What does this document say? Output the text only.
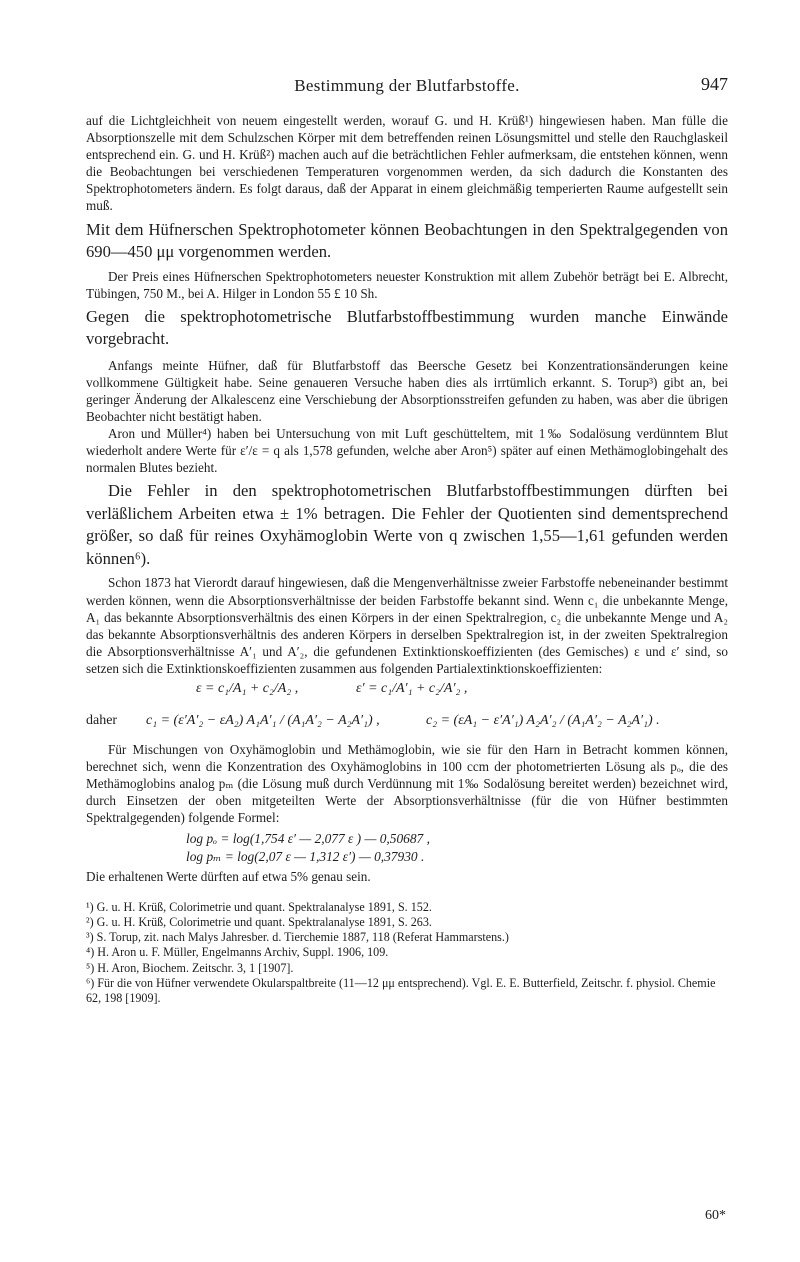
Bestimmung der Blutfarbstoffe.	947

auf die Lichtgleichheit von neuem eingestellt werden, worauf G. und H. Krüß¹) hingewiesen haben. Man fülle die Absorptionszelle mit dem Schulzschen Körper mit dem betreffenden reinen Lösungsmittel und stelle den Rauchglaskeil entsprechend ein. G. und H. Krüß²) machen auch auf die beträchtlichen Fehler aufmerksam, die entstehen können, wenn die Beobachtungen bei verschiedenen Temperaturen vorgenommen werden, da sich dadurch die Konstanten des Spektrophotometers ändern. Es folgt daraus, daß der Apparat in einem gleichmäßig temperierten Raume aufgestellt sein muß.

Mit dem Hüfnerschen Spektrophotometer können Beobachtungen in den Spektralgegenden von 690—450 μμ vorgenommen werden.

Der Preis eines Hüfnerschen Spektrophotometers neuester Konstruktion mit allem Zubehör beträgt bei E. Albrecht, Tübingen, 750 M., bei A. Hilger in London 55 £ 10 Sh.

Gegen die spektrophotometrische Blutfarbstoffbestimmung wurden manche Einwände vorgebracht.

Anfangs meinte Hüfner, daß für Blutfarbstoff das Beersche Gesetz bei Konzentrationsänderungen keine vollkommene Gültigkeit habe. Seine genaueren Versuche haben dies als irrtümlich erkannt. S. Torup³) gibt an, bei geringer Änderung der Alkalescenz eine Verschiebung der Absorptionsstreifen gefunden zu haben, was aber die übrigen Beobachter nicht bestätigt haben.

Aron und Müller⁴) haben bei Untersuchung von mit Luft geschütteltem, mit 1‰ Sodalösung verdünntem Blut wiederholt andere Werte für ε′/ε = q als 1,578 gefunden, welche aber Aron⁵) später auf einen Methämoglobingehalt des normalen Blutes bezieht.

Die Fehler in den spektrophotometrischen Blutfarbstoffbestimmungen dürften bei verläßlichem Arbeiten etwa ± 1% betragen. Die Fehler der Quotienten sind dementsprechend größer, so daß für reines Oxyhämoglobin Werte von q zwischen 1,55—1,61 gefunden werden können⁶).

Schon 1873 hat Vierordt darauf hingewiesen, daß die Mengenverhältnisse zweier Farbstoffe nebeneinander bestimmt werden können, wenn die Absorptionsverhältnisse der beiden Farbstoffe bekannt sind. Wenn c₁ die unbekannte Menge, A₁ das bekannte Absorptionsverhältnis des einen Körpers in der einen Spektralregion, c₂ die unbekannte Menge und A₂ das bekannte Absorptionsverhältnis des anderen Körpers in derselben Spektralregion ist, in der zweiten Spektralregion die Absorptionsverhältnisse A′₁ und A′₂, die gefundenen Extinktionskoeffizienten (des Gemisches) ε und ε′ sind, so setzen sich die Extinktionskoeffizienten zusammen aus folgenden Partialextinktionskoeffizienten:

ε = c₁/A₁ + c₂/A₂ ,	ε′ = c₁/A′₁ + c₂/A′₂ ,
daher c₁ = (ε′A′₂ − εA₂) A₁A′₁ / (A₁A′₂ − A₂A′₁) ,	c₂ = (εA₁ − ε′A′₁) A₂A′₂ / (A₁A′₂ − A₂A′₁) .

Für Mischungen von Oxyhämoglobin und Methämoglobin, wie sie für den Harn in Betracht kommen können, berechnet sich, wenn die Konzentration des Oxyhämoglobins in 100 ccm der photometrierten Lösung als pₒ, die des Methämoglobins analog pₘ (die Lösung muß durch Verdünnung mit 1‰ Sodalösung bereitet werden) bezeichnet wird, durch Einsetzen der oben mitgeteilten Werte der Absorptionsverhältnisse (für die von Hüfner bestimmten Spektralgegenden) folgende Formel:

log pₒ = log(1,754 ε′ — 2,077 ε ) — 0,50687 ,
log pₘ = log(2,07 ε — 1,312 ε′) — 0,37930 .

Die erhaltenen Werte dürften auf etwa 5% genau sein.

¹) G. u. H. Krüß, Colorimetrie und quant. Spektralanalyse 1891, S. 152.

²) G. u. H. Krüß, Colorimetrie und quant. Spektralanalyse 1891, S. 263.

³) S. Torup, zit. nach Malys Jahresber. d. Tierchemie 1887, 118 (Referat Hammarstens.)

⁴) H. Aron u. F. Müller, Engelmanns Archiv, Suppl. 1906, 109.

⁵) H. Aron, Biochem. Zeitschr. 3, 1 [1907].

⁶) Für die von Hüfner verwendete Okularspaltbreite (11—12 μμ entsprechend). Vgl. E. E. Butterfield, Zeitschr. f. physiol. Chemie 62, 198 [1909].

60*
